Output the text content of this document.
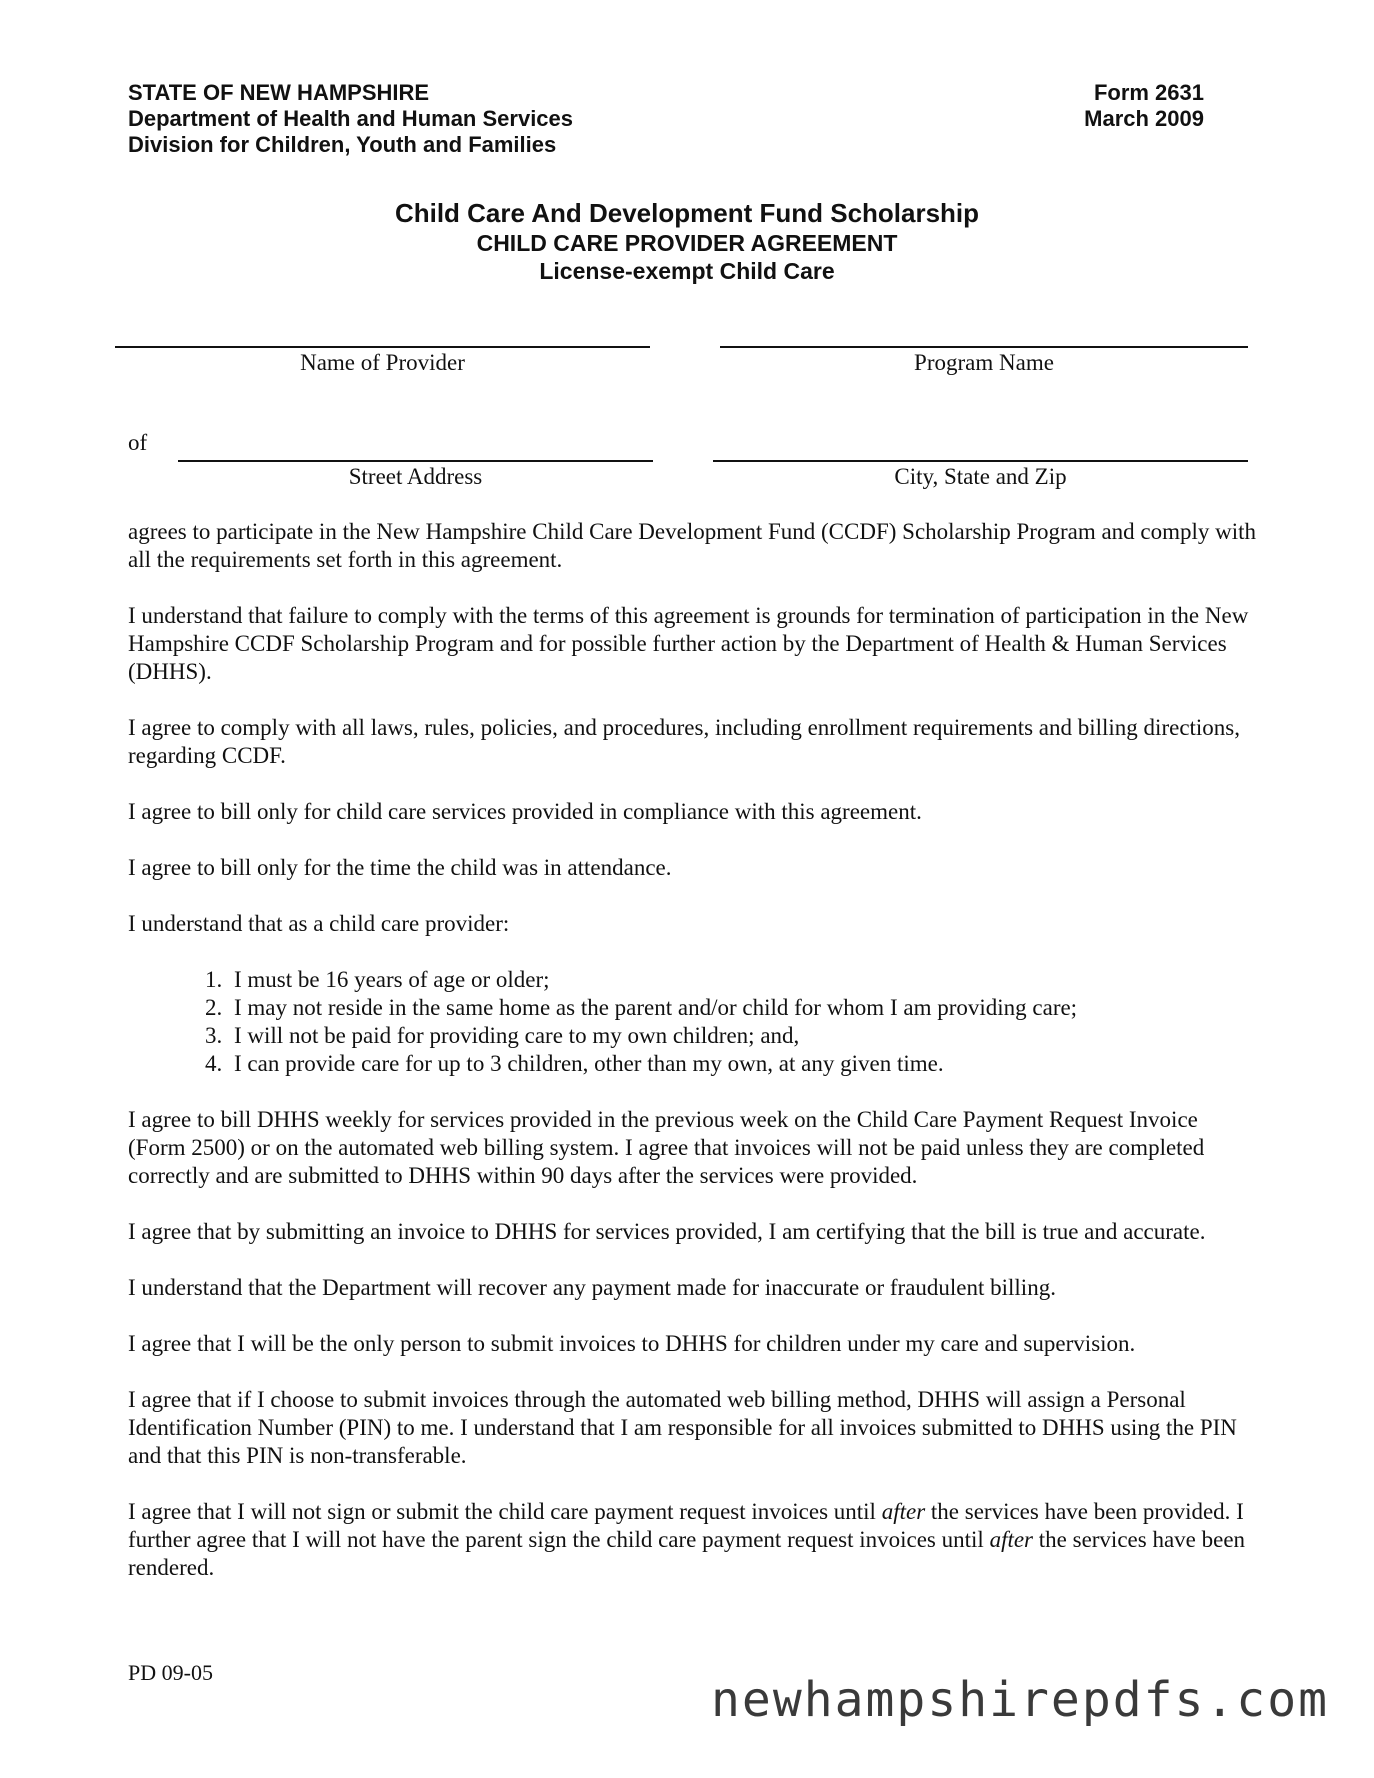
STATE OF NEW HAMPSHIRE
Department of Health and Human Services
Division for Children, Youth and Families
Form 2631
March 2009
Child Care And Development Fund Scholarship
CHILD CARE PROVIDER AGREEMENT
License-exempt Child Care
Name of Provider	Program Name
of
Street Address	City, State and Zip

agrees to participate in the New Hampshire Child Care Development Fund (CCDF) Scholarship Program and comply with all the requirements set forth in this agreement.

I understand that failure to comply with the terms of this agreement is grounds for termination of participation in the New Hampshire CCDF Scholarship Program and for possible further action by the Department of Health & Human Services (DHHS).

I agree to comply with all laws, rules, policies, and procedures, including enrollment requirements and billing directions, regarding CCDF.

I agree to bill only for child care services provided in compliance with this agreement.

I agree to bill only for the time the child was in attendance.

I understand that as a child care provider:

1. I must be 16 years of age or older;
2. I may not reside in the same home as the parent and/or child for whom I am providing care;
3. I will not be paid for providing care to my own children; and,
4. I can provide care for up to 3 children, other than my own, at any given time.

I agree to bill DHHS weekly for services provided in the previous week on the Child Care Payment Request Invoice (Form 2500) or on the automated web billing system. I agree that invoices will not be paid unless they are completed correctly and are submitted to DHHS within 90 days after the services were provided.

I agree that by submitting an invoice to DHHS for services provided, I am certifying that the bill is true and accurate.

I understand that the Department will recover any payment made for inaccurate or fraudulent billing.

I agree that I will be the only person to submit invoices to DHHS for children under my care and supervision.

I agree that if I choose to submit invoices through the automated web billing method, DHHS will assign a Personal Identification Number (PIN) to me. I understand that I am responsible for all invoices submitted to DHHS using the PIN and that this PIN is non-transferable.

I agree that I will not sign or submit the child care payment request invoices until after the services have been provided. I further agree that I will not have the parent sign the child care payment request invoices until after the services have been rendered.

PD 09-05	newhampshirepdfs.com
